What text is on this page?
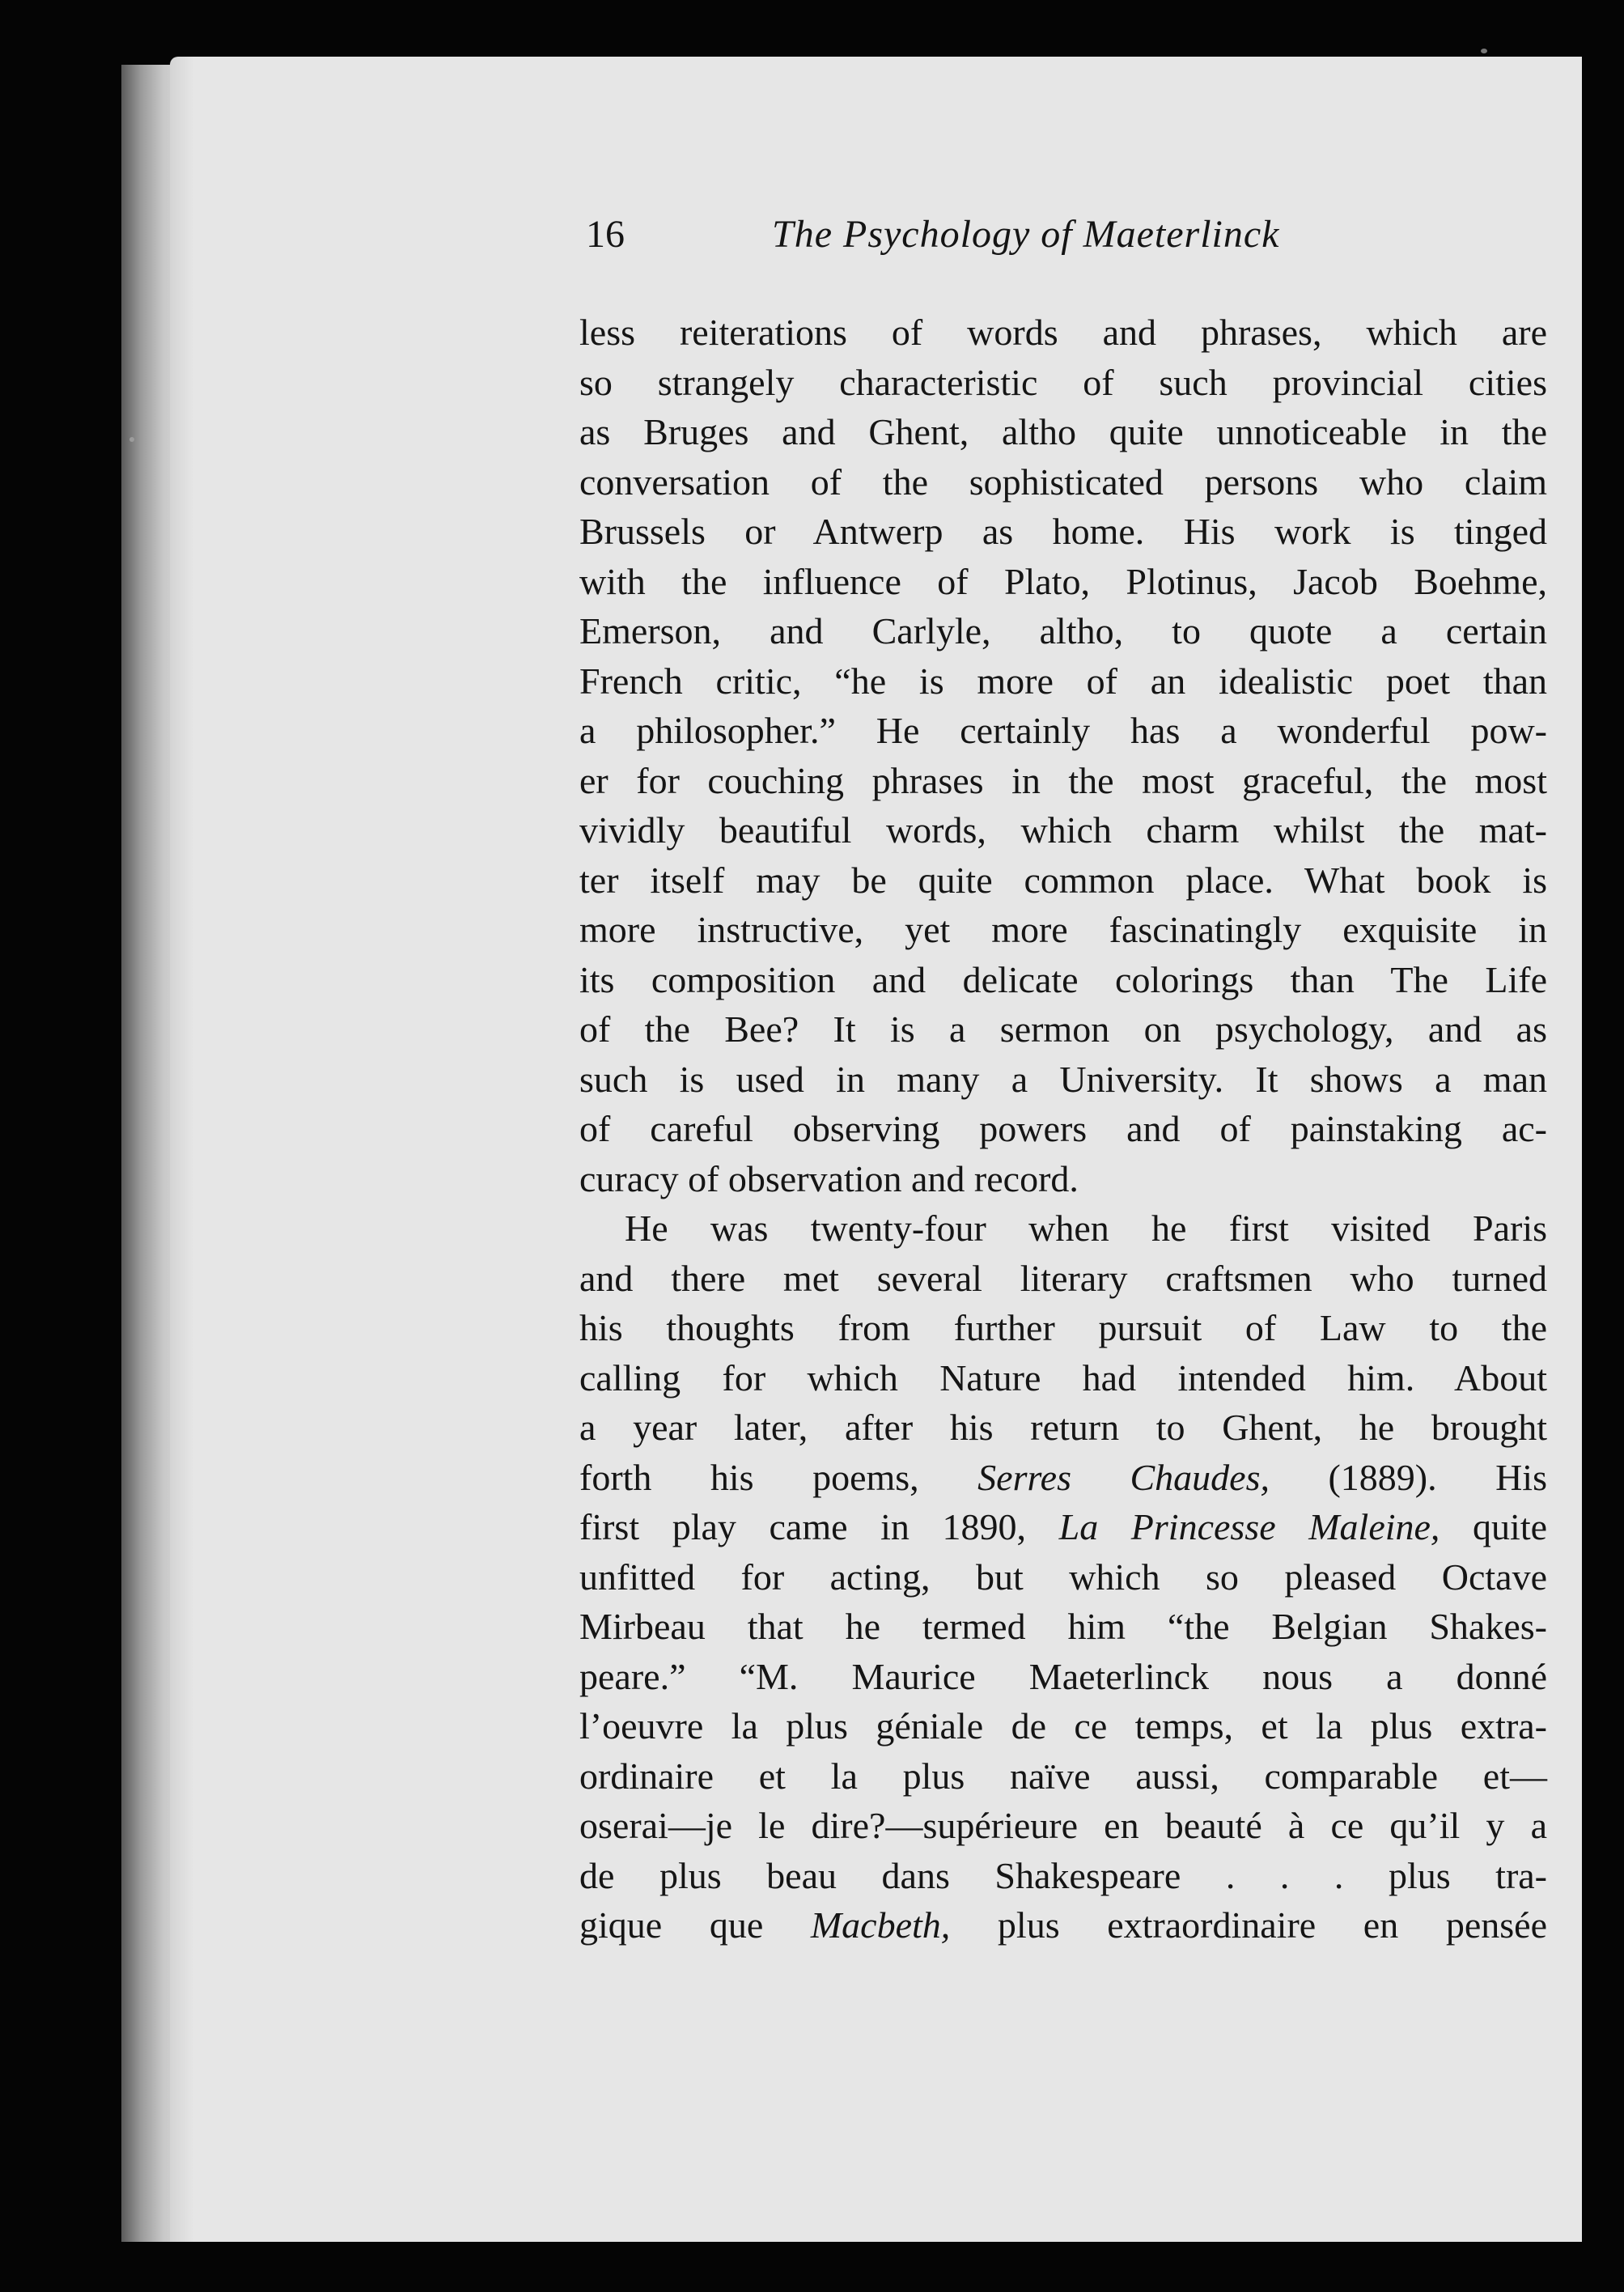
16	The Psychology of Maeterlinck
less reiterations of words and phrases, which are
so strangely characteristic of such provincial cities
as Bruges and Ghent, altho quite unnoticeable in the
conversation of the sophisticated persons who claim
Brussels or Antwerp as home. His work is tinged
with the influence of Plato, Plotinus, Jacob Boehme,
Emerson, and Carlyle, altho, to quote a certain
French critic, “he is more of an idealistic poet than
a philosopher.” He certainly has a wonderful pow-
er for couching phrases in the most graceful, the most
vividly beautiful words, which charm whilst the mat-
ter itself may be quite common place. What book is
more instructive, yet more fascinatingly exquisite in
its composition and delicate colorings than The Life
of the Bee? It is a sermon on psychology, and as
such is used in many a University. It shows a man
of careful observing powers and of painstaking ac-
curacy of observation and record.
He was twenty-four when he first visited Paris
and there met several literary craftsmen who turned
his thoughts from further pursuit of Law to the
calling for which Nature had intended him. About
a year later, after his return to Ghent, he brought
forth his poems, Serres Chaudes, (1889). His
first play came in 1890, La Princesse Maleine, quite
unfitted for acting, but which so pleased Octave
Mirbeau that he termed him “the Belgian Shakes-
peare.” “M. Maurice Maeterlinck nous a donné
l’oeuvre la plus géniale de ce temps, et la plus extra-
ordinaire et la plus naïve aussi, comparable et—
oserai—je le dire?—supérieure en beauté à ce qu’il y a
de plus beau dans Shakespeare . . . plus tra-
gique que Macbeth, plus extraordinaire en pensée
